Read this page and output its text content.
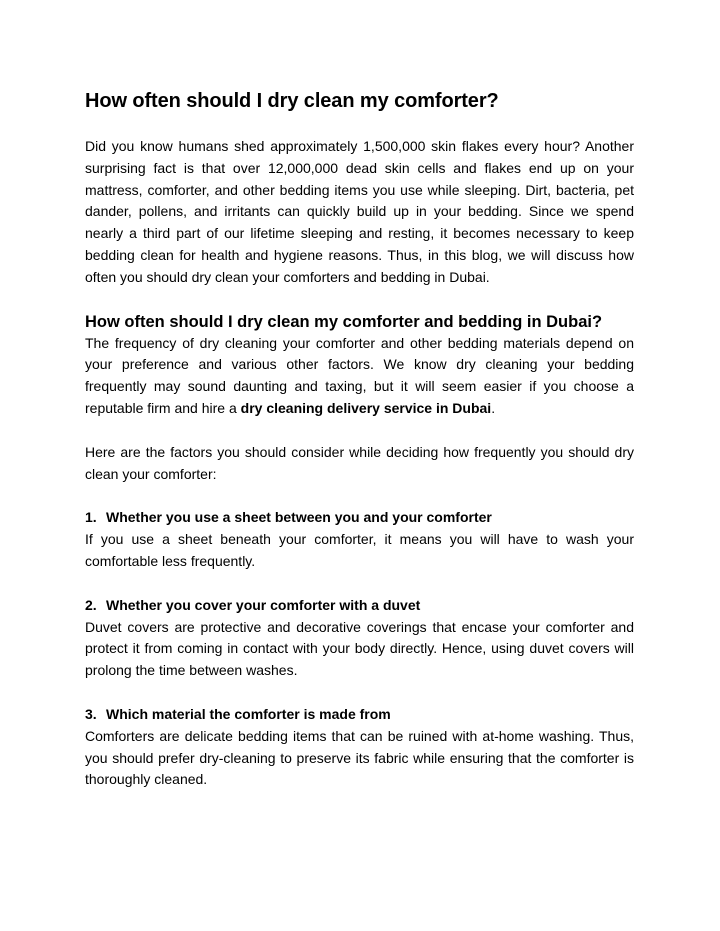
How often should I dry clean my comforter?

Did you know humans shed approximately 1,500,000 skin flakes every hour? Another surprising fact is that over 12,000,000 dead skin cells and flakes end up on your mattress, comforter, and other bedding items you use while sleeping. Dirt, bacteria, pet dander, pollens, and irritants can quickly build up in your bedding. Since we spend nearly a third part of our lifetime sleeping and resting, it becomes necessary to keep bedding clean for health and hygiene reasons. Thus, in this blog, we will discuss how often you should dry clean your comforters and bedding in Dubai.

How often should I dry clean my comforter and bedding in Dubai?

The frequency of dry cleaning your comforter and other bedding materials depend on your preference and various other factors. We know dry cleaning your bedding frequently may sound daunting and taxing, but it will seem easier if you choose a reputable firm and hire a dry cleaning delivery service in Dubai.

Here are the factors you should consider while deciding how frequently you should dry clean your comforter:

1. Whether you use a sheet between you and your comforter

If you use a sheet beneath your comforter, it means you will have to wash your comfortable less frequently.

2. Whether you cover your comforter with a duvet

Duvet covers are protective and decorative coverings that encase your comforter and protect it from coming in contact with your body directly. Hence, using duvet covers will prolong the time between washes.

3. Which material the comforter is made from

Comforters are delicate bedding items that can be ruined with at-home washing. Thus, you should prefer dry-cleaning to preserve its fabric while ensuring that the comforter is thoroughly cleaned.
